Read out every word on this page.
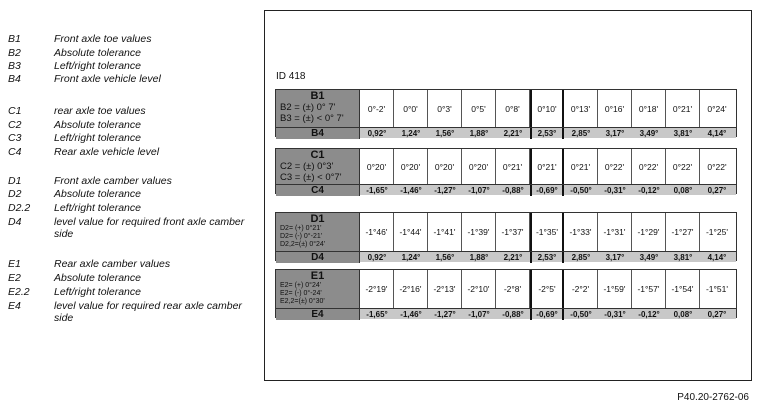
B1	Front axle toe values
B2	Absolute tolerance
B3	Left/right tolerance
B4	Front axle vehicle level
C1	rear axle toe values
C2	Absolute tolerance
C3	Left/right tolerance
C4	Rear axle vehicle level
D1	Front axle camber values
D2	Absolute tolerance
D2.2	Left/right tolerance
D4	level value for required front axle camber side
E1	Rear axle camber values
E2	Absolute tolerance
E2.2	Left/right tolerance
E4	level value for required rear axle camber side
ID 418
P40.20-2762-06
B1
B2 = (±) 0° 7'
B3 = (±) < 0° 7'
0°-2'	0°0'	0°3'	0°5'	0°8'	0°10'	0°13'	0°16'	0°18'	0°21'	0°24'
B4	0,92°	1,24°	1,56°	1,88°	2,21°	2,53°	2,85°	3,17°	3,49°	3,81°	4,14°
C1
C2 = (±) 0°3'
C3 = (±) < 0°7'
0°20'	0°20'	0°20'	0°20'	0°21'	0°21'	0°21'	0°22'	0°22'	0°22'	0°22'
C4	-1,65°	-1,46°	-1,27°	-1,07°	-0,88°	-0,69°	-0,50°	-0,31°	-0,12°	0,08°	0,27°
D1
D2= (+) 0°21'
D2= (-) 0°-21'
D2,2=(±) 0°24'
-1°46'	-1°44'	-1°41'	-1°39'	-1°37'	-1°35'	-1°33'	-1°31'	-1°29'	-1°27'	-1°25'
D4	0,92°	1,24°	1,56°	1,88°	2,21°	2,53°	2,85°	3,17°	3,49°	3,81°	4,14°
E1
E2= (+) 0°24'
E2= (-) 0°-24'
E2,2=(±) 0°30'
-2°19'	-2°16'	-2°13'	-2°10'	-2°8'	-2°5'	-2°2'	-1°59'	-1°57'	-1°54'	-1°51'
E4	-1,65°	-1,46°	-1,27°	-1,07°	-0,88°	-0,69°	-0,50°	-0,31°	-0,12°	0,08°	0,27°
